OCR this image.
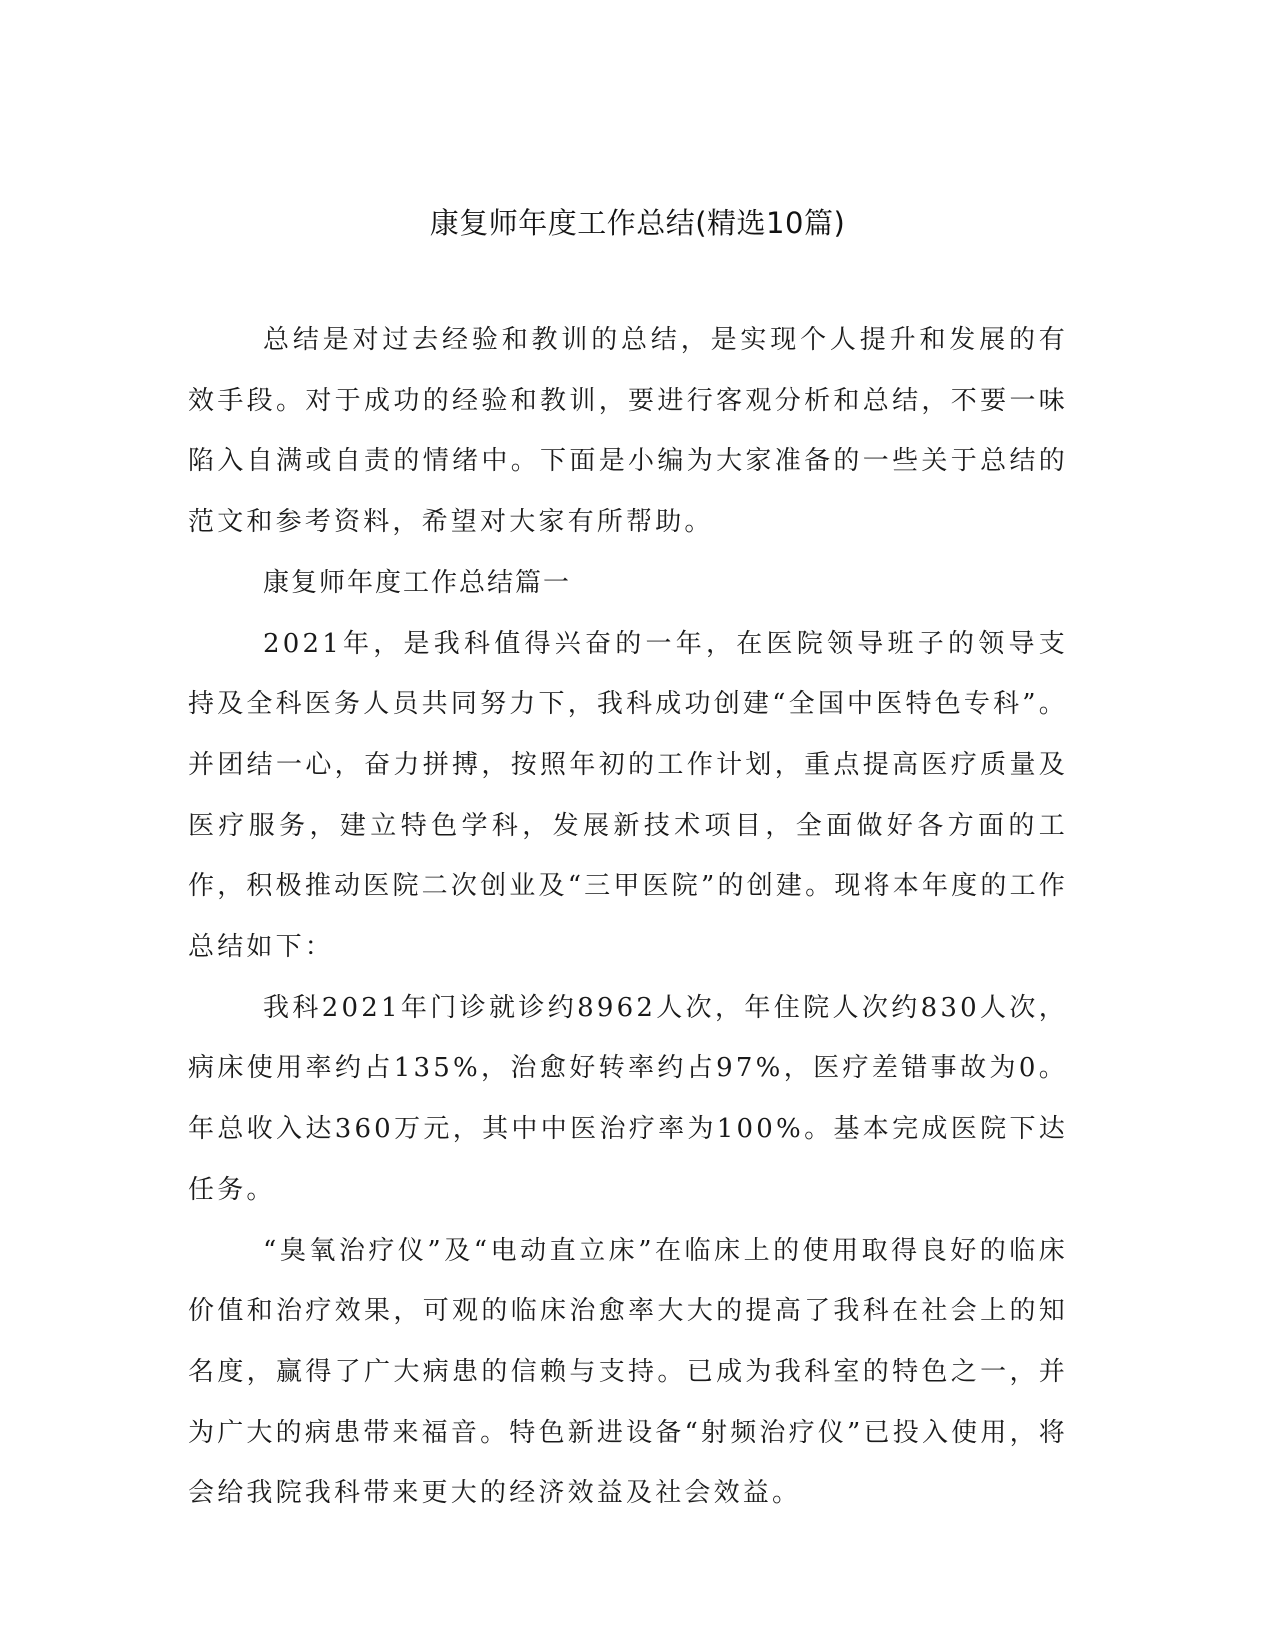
康复师年度工作总结(精选10篇)

总结是对过去经验和教训的总结，是实现个人提升和发展的有效手段。对于成功的经验和教训，要进行客观分析和总结，不要一味陷入自满或自责的情绪中。下面是小编为大家准备的一些关于总结的范文和参考资料，希望对大家有所帮助。

康复师年度工作总结篇一

2021年，是我科值得兴奋的一年，在医院领导班子的领导支持及全科医务人员共同努力下，我科成功创建“全国中医特色专科”。并团结一心，奋力拼搏，按照年初的工作计划，重点提高医疗质量及医疗服务，建立特色学科，发展新技术项目，全面做好各方面的工作，积极推动医院二次创业及“三甲医院”的创建。现将本年度的工作总结如下：

我科2021年门诊就诊约8962人次，年住院人次约830人次，病床使用率约占135%，治愈好转率约占97%，医疗差错事故为0。年总收入达360万元，其中中医治疗率为100%。基本完成医院下达任务。

“臭氧治疗仪”及“电动直立床”在临床上的使用取得良好的临床价值和治疗效果，可观的临床治愈率大大的提高了我科在社会上的知名度，赢得了广大病患的信赖与支持。已成为我科室的特色之一，并为广大的病患带来福音。特色新进设备“射频治疗仪”已投入使用，将会给我院我科带来更大的经济效益及社会效益。
